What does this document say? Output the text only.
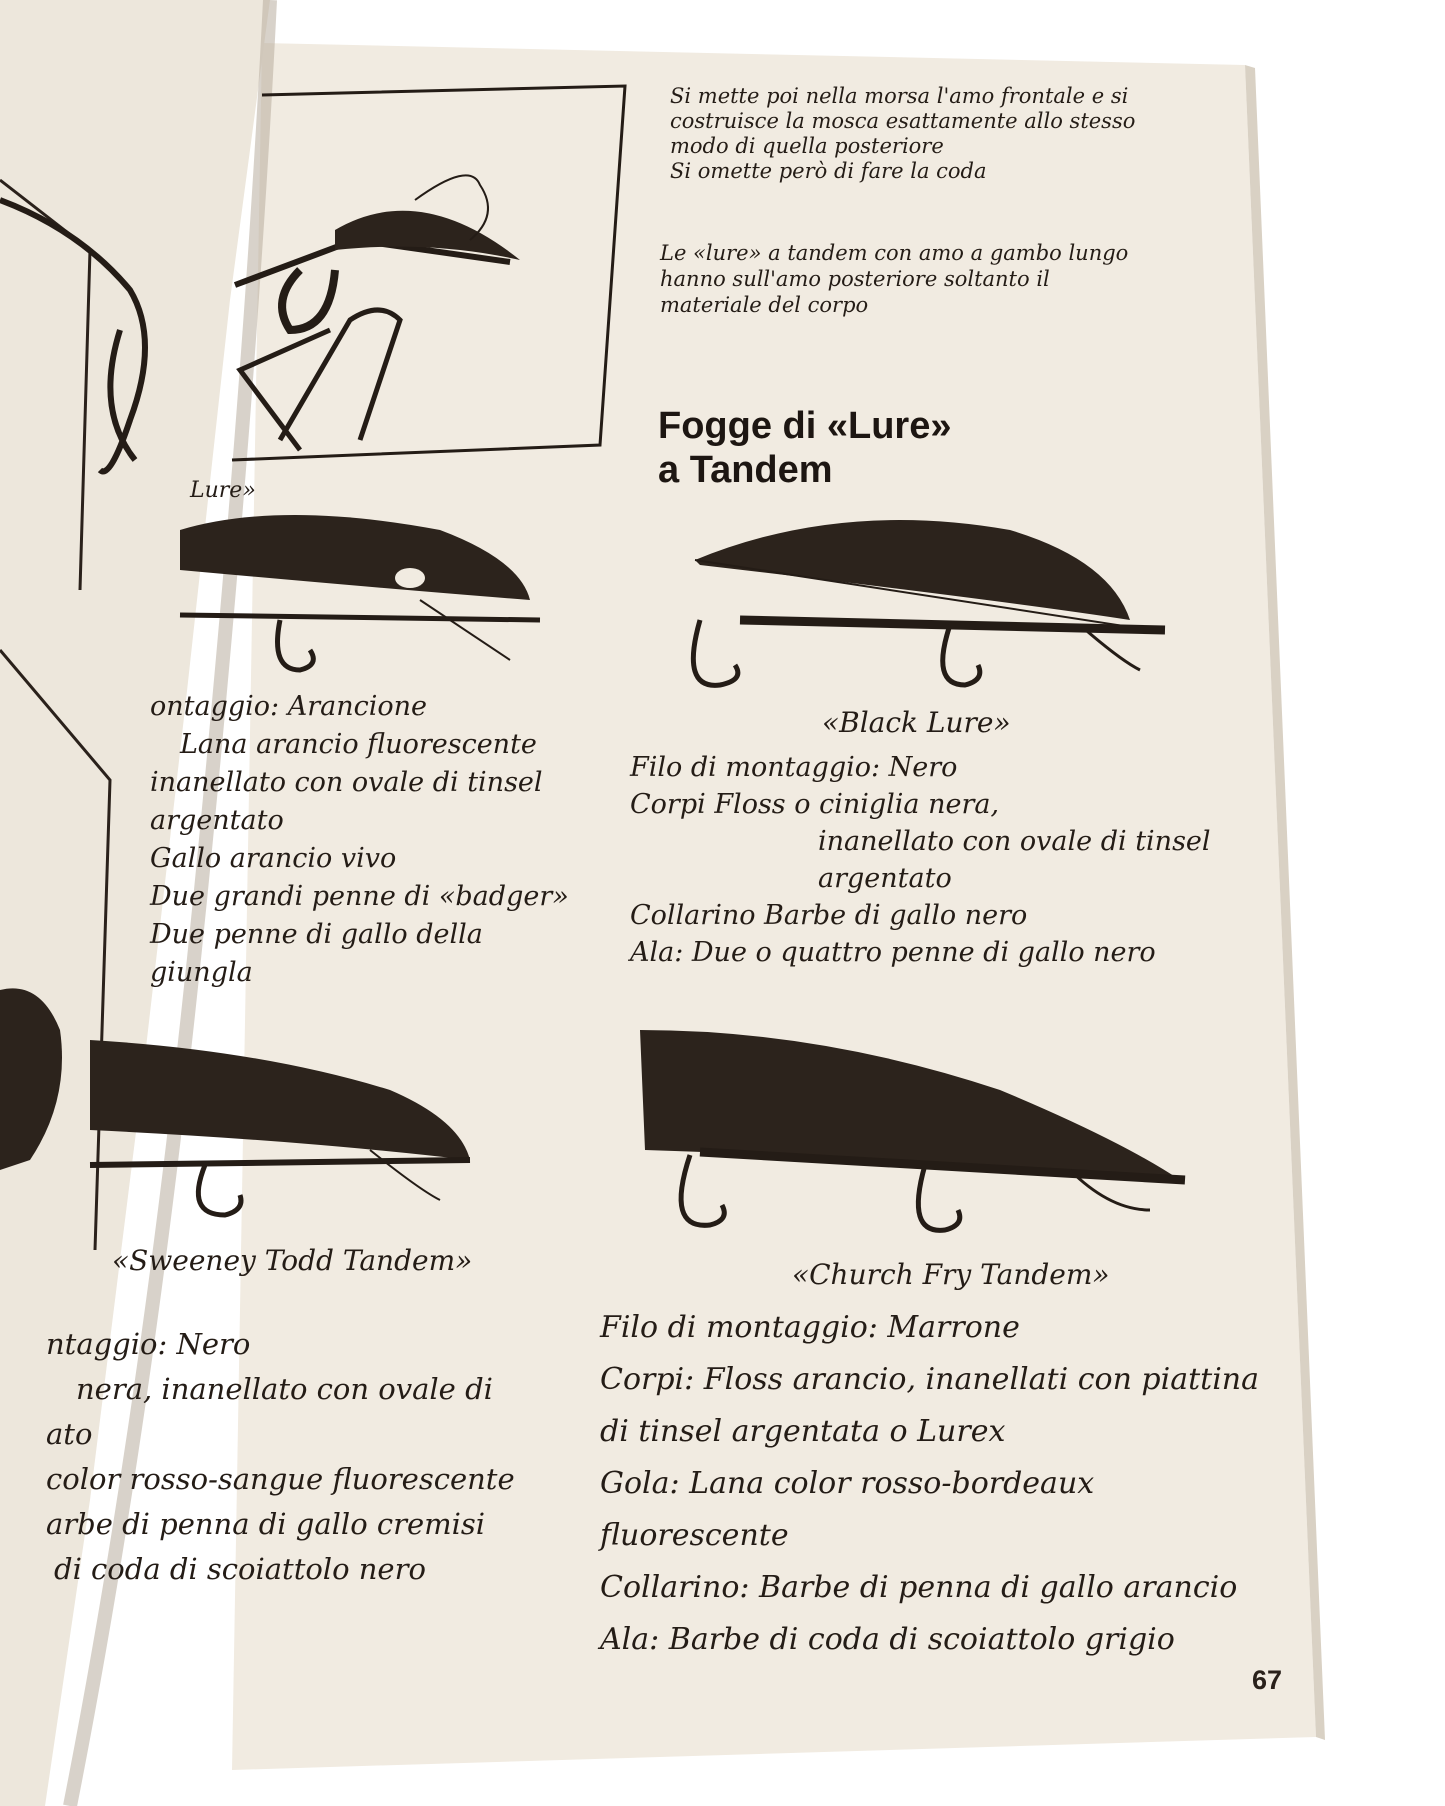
Si mette poi nella morsa l'amo frontale e si
costruisce la mosca esattamente allo stesso
modo di quella posteriore
Si omette però di fare la coda

Le «lure» a tandem con amo a gambo lungo
hanno sull'amo posteriore soltanto il
materiale del corpo

Fogge di «Lure»
a Tandem

Lure»

ontaggio: Arancione
Lana arancio fluorescente
inanellato con ovale di tinsel
argentato
Gallo arancio vivo
Due grandi penne di «badger»
Due penne di gallo della
giungla

«Black Lure»

Filo di montaggio: Nero
Corpi Floss o ciniglia nera,
inanellato con ovale di tinsel
argentato
Collarino Barbe di gallo nero
Ala: Due o quattro penne di gallo nero

«Sweeney Todd Tandem»

ntaggio: Nero
nera, inanellato con ovale di
ato
color rosso-sangue fluorescente
arbe di penna di gallo cremisi
di coda di scoiattolo nero

«Church Fry Tandem»

Filo di montaggio: Marrone
Corpi: Floss arancio, inanellati con piattina
di tinsel argentata o Lurex
Gola: Lana color rosso-bordeaux
fluorescente
Collarino: Barbe di penna di gallo arancio
Ala: Barbe di coda di scoiattolo grigio

67
